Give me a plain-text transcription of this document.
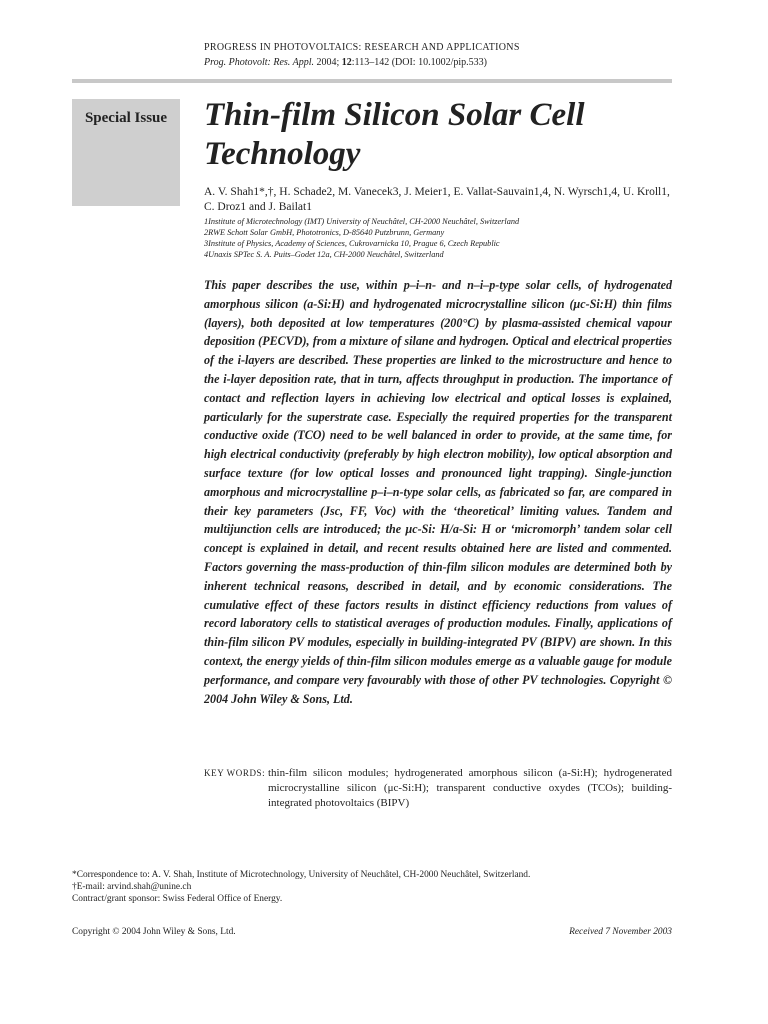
PROGRESS IN PHOTOVOLTAICS: RESEARCH AND APPLICATIONS
Prog. Photovolt: Res. Appl. 2004; 12:113–142 (DOI: 10.1002/pip.533)
Special Issue	Thin-film Silicon Solar Cell Technology
A. V. Shah1*,†, H. Schade2, M. Vanecek3, J. Meier1, E. Vallat-Sauvain1,4, N. Wyrsch1,4, U. Kroll1, C. Droz1 and J. Bailat1
1Institute of Microtechnology (IMT) University of Neuchâtel, CH-2000 Neuchâtel, Switzerland
2RWE Schott Solar GmbH, Phototronics, D-85640 Putzbrunn, Germany
3Institute of Physics, Academy of Sciences, Cukrovarnicka 10, Prague 6, Czech Republic
4Unaxis SPTec S. A. Puits–Godet 12a, CH-2000 Neuchâtel, Switzerland
This paper describes the use, within p–i–n- and n–i–p-type solar cells, of hydrogenated amorphous silicon (a-Si:H) and hydrogenated microcrystalline silicon (μc-Si:H) thin films (layers), both deposited at low temperatures (200°C) by plasma-assisted chemical vapour deposition (PECVD), from a mixture of silane and hydrogen. Optical and electrical properties of the i-layers are described. These properties are linked to the microstructure and hence to the i-layer deposition rate, that in turn, affects throughput in production. The importance of contact and reflection layers in achieving low electrical and optical losses is explained, particularly for the superstrate case. Especially the required properties for the transparent conductive oxide (TCO) need to be well balanced in order to provide, at the same time, for high electrical conductivity (preferably by high electron mobility), low optical absorption and surface texture (for low optical losses and pronounced light trapping). Single-junction amorphous and microcrystalline p–i–n-type solar cells, as fabricated so far, are compared in their key parameters (Jsc, FF, Voc) with the ‘theoretical’ limiting values. Tandem and multijunction cells are introduced; the μc-Si: H/a-Si: H or ‘micromorph’ tandem solar cell concept is explained in detail, and recent results obtained here are listed and commented. Factors governing the mass-production of thin-film silicon modules are determined both by inherent technical reasons, described in detail, and by economic considerations. The cumulative effect of these factors results in distinct efficiency reductions from values of record laboratory cells to statistical averages of production modules. Finally, applications of thin-film silicon PV modules, especially in building-integrated PV (BIPV) are shown. In this context, the energy yields of thin-film silicon modules emerge as a valuable gauge for module performance, and compare very favourably with those of other PV technologies. Copyright © 2004 John Wiley & Sons, Ltd.
KEY WORDS: thin-film silicon modules; hydrogenerated amorphous silicon (a-Si:H); hydrogenerated microcrystalline silicon (μc-Si:H); transparent conductive oxydes (TCOs); building-integrated photovoltaics (BIPV)
*Correspondence to: A. V. Shah, Institute of Microtechnology, University of Neuchâtel, CH-2000 Neuchâtel, Switzerland.
†E-mail: arvind.shah@unine.ch
Contract/grant sponsor: Swiss Federal Office of Energy.
Copyright © 2004 John Wiley & Sons, Ltd.	Received 7 November 2003
